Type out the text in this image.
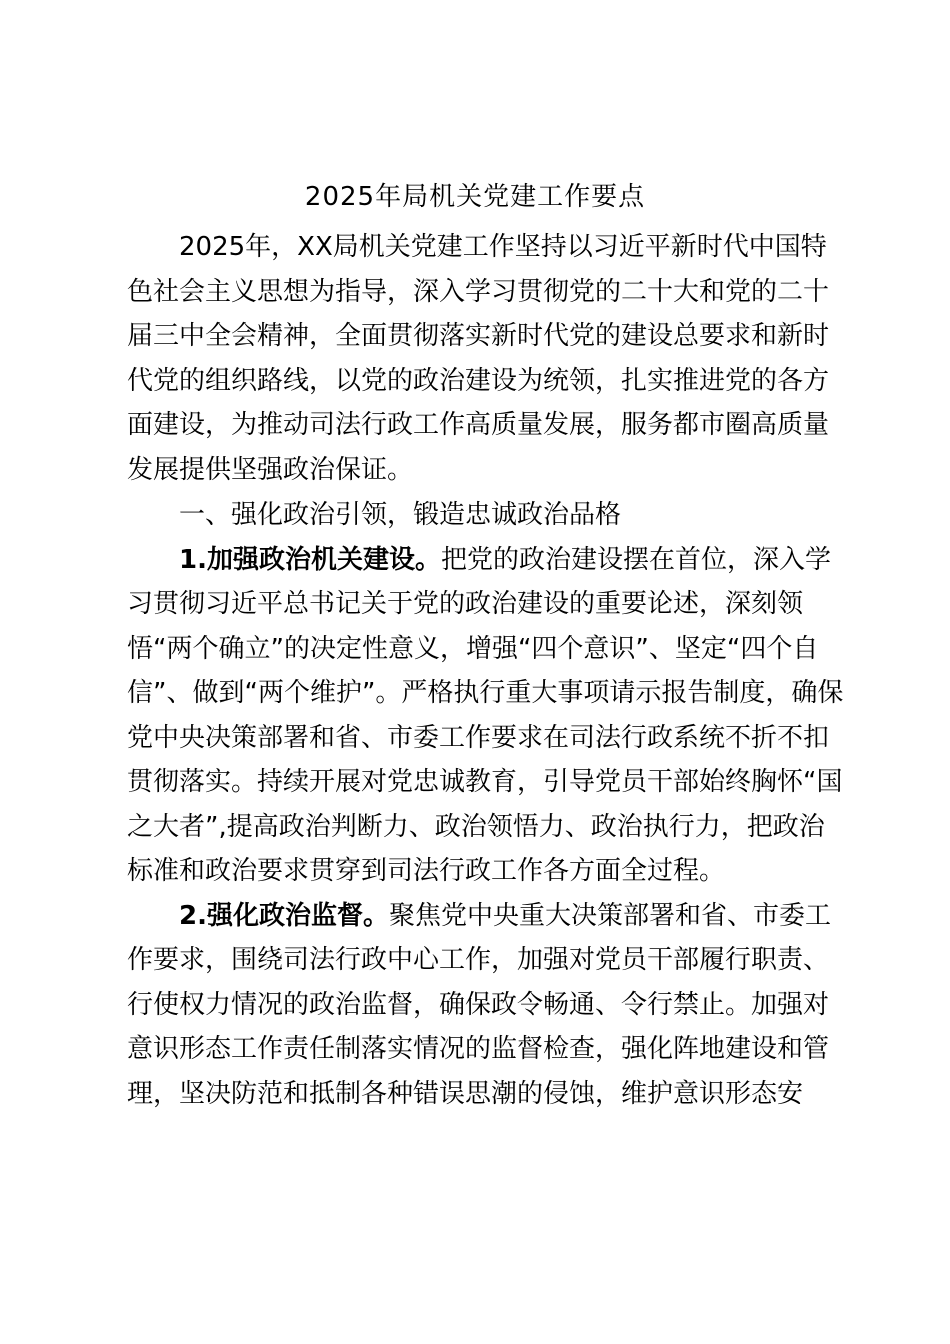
2025年局机关党建工作要点
2025年，XX局机关党建工作坚持以习近平新时代中国特
色社会主义思想为指导，深入学习贯彻党的二十大和党的二十
届三中全会精神，全面贯彻落实新时代党的建设总要求和新时
代党的组织路线，以党的政治建设为统领，扎实推进党的各方
面建设，为推动司法行政工作高质量发展，服务都市圈高质量
发展提供坚强政治保证。
一、强化政治引领，锻造忠诚政治品格
1.加强政治机关建设。把党的政治建设摆在首位，深入学
习贯彻习近平总书记关于党的政治建设的重要论述，深刻领
悟“两个确立”的决定性意义，增强“四个意识”、坚定“四个自
信”、做到“两个维护”。严格执行重大事项请示报告制度，确保
党中央决策部署和省、市委工作要求在司法行政系统不折不扣
贯彻落实。持续开展对党忠诚教育，引导党员干部始终胸怀“国
之大者”,提高政治判断力、政治领悟力、政治执行力，把政治
标准和政治要求贯穿到司法行政工作各方面全过程。
2.强化政治监督。聚焦党中央重大决策部署和省、市委工
作要求，围绕司法行政中心工作，加强对党员干部履行职责、
行使权力情况的政治监督，确保政令畅通、令行禁止。加强对
意识形态工作责任制落实情况的监督检查，强化阵地建设和管
理，坚决防范和抵制各种错误思潮的侵蚀，维护意识形态安
